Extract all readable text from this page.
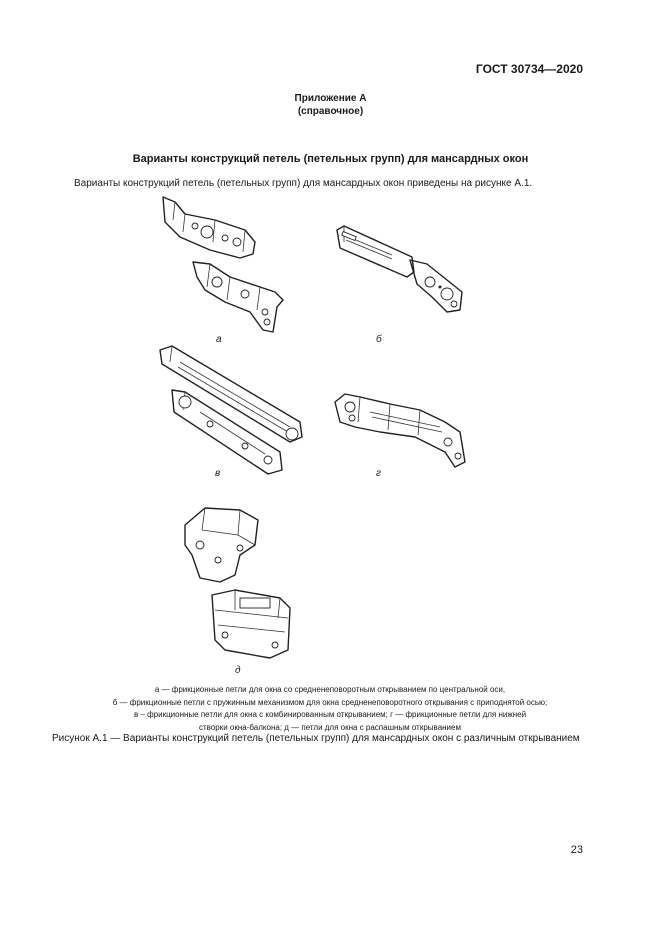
ГОСТ 30734—2020
Приложение А
(справочное)
Варианты конструкций петель (петельных групп) для мансардных окон
Варианты конструкций петель (петельных групп) для мансардных окон приведены на рисунке А.1.
а	б
в	г
д
а — фрикционные петли для окна со средненеповоротным открыванием по центральной оси,
б — фрикционные петли с пружинным механизмом для окна средненеповоротного открывания с приподнятой осью;
в – фрикционные петли для окна с комбинированным открыванием; г — фрикционные петли для нижней
створки окна-балкона; д — петли для окна с распашным открыванием
Рисунок А.1 — Варианты конструкций петель (петельных групп) для мансардных окон с различным открыванием
23
